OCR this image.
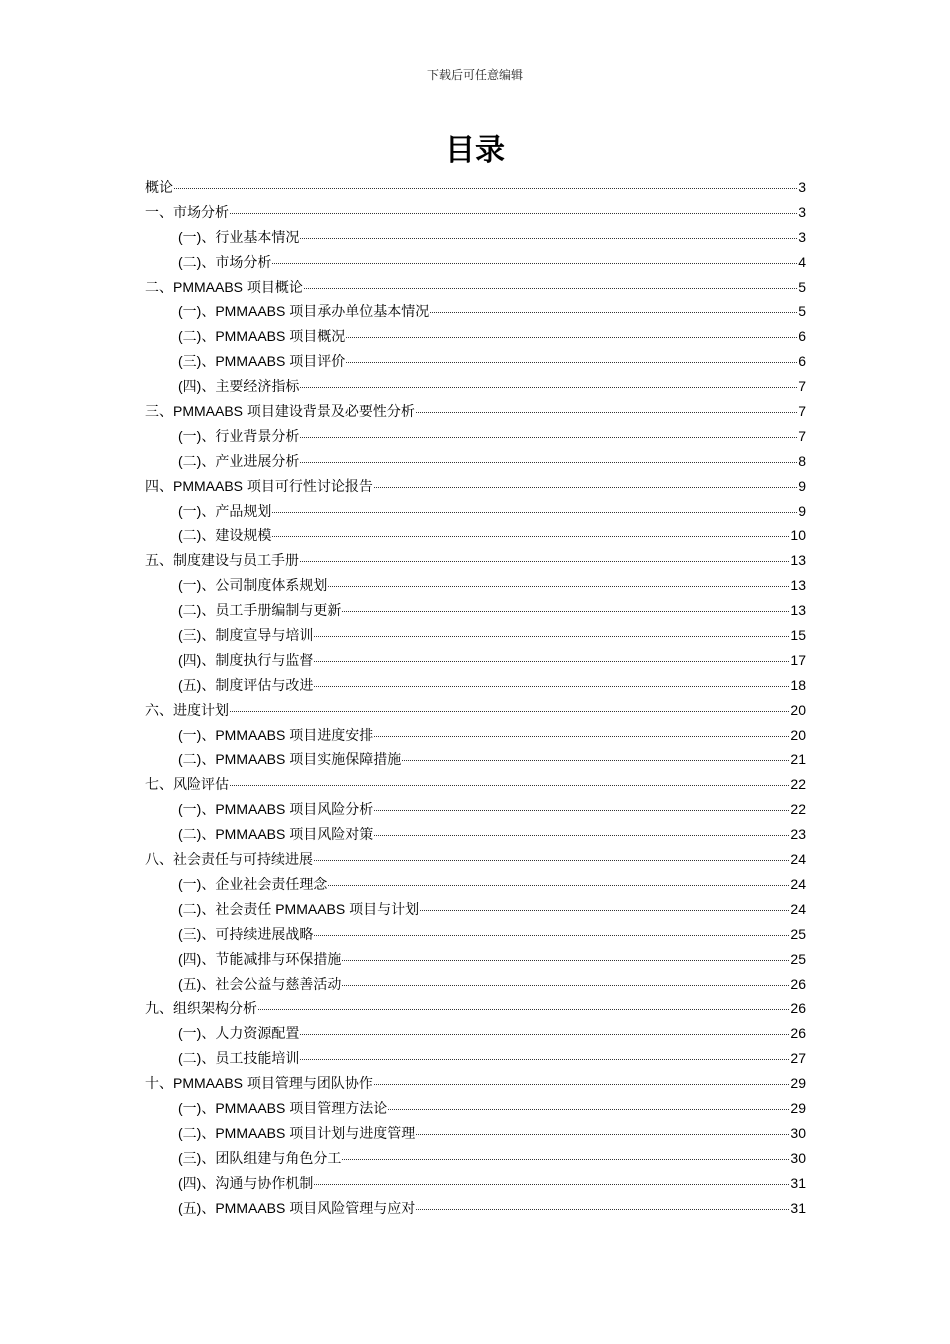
下载后可任意编辑
目录
概论	3
一、市场分析	3
(一)、行业基本情况	3
(二)、市场分析	4
二、PMMAABS 项目概论	5
(一)、PMMAABS 项目承办单位基本情况	5
(二)、PMMAABS 项目概况	6
(三)、PMMAABS 项目评价	6
(四)、主要经济指标	7
三、PMMAABS 项目建设背景及必要性分析	7
(一)、行业背景分析	7
(二)、产业进展分析	8
四、PMMAABS 项目可行性讨论报告	9
(一)、产品规划	9
(二)、建设规模	10
五、制度建设与员工手册	13
(一)、公司制度体系规划	13
(二)、员工手册编制与更新	13
(三)、制度宣导与培训	15
(四)、制度执行与监督	17
(五)、制度评估与改进	18
六、进度计划	20
(一)、PMMAABS 项目进度安排	20
(二)、PMMAABS 项目实施保障措施	21
七、风险评估	22
(一)、PMMAABS 项目风险分析	22
(二)、PMMAABS 项目风险对策	23
八、社会责任与可持续进展	24
(一)、企业社会责任理念	24
(二)、社会责任 PMMAABS 项目与计划	24
(三)、可持续进展战略	25
(四)、节能减排与环保措施	25
(五)、社会公益与慈善活动	26
九、组织架构分析	26
(一)、人力资源配置	26
(二)、员工技能培训	27
十、PMMAABS 项目管理与团队协作	29
(一)、PMMAABS 项目管理方法论	29
(二)、PMMAABS 项目计划与进度管理	30
(三)、团队组建与角色分工	30
(四)、沟通与协作机制	31
(五)、PMMAABS 项目风险管理与应对	31
